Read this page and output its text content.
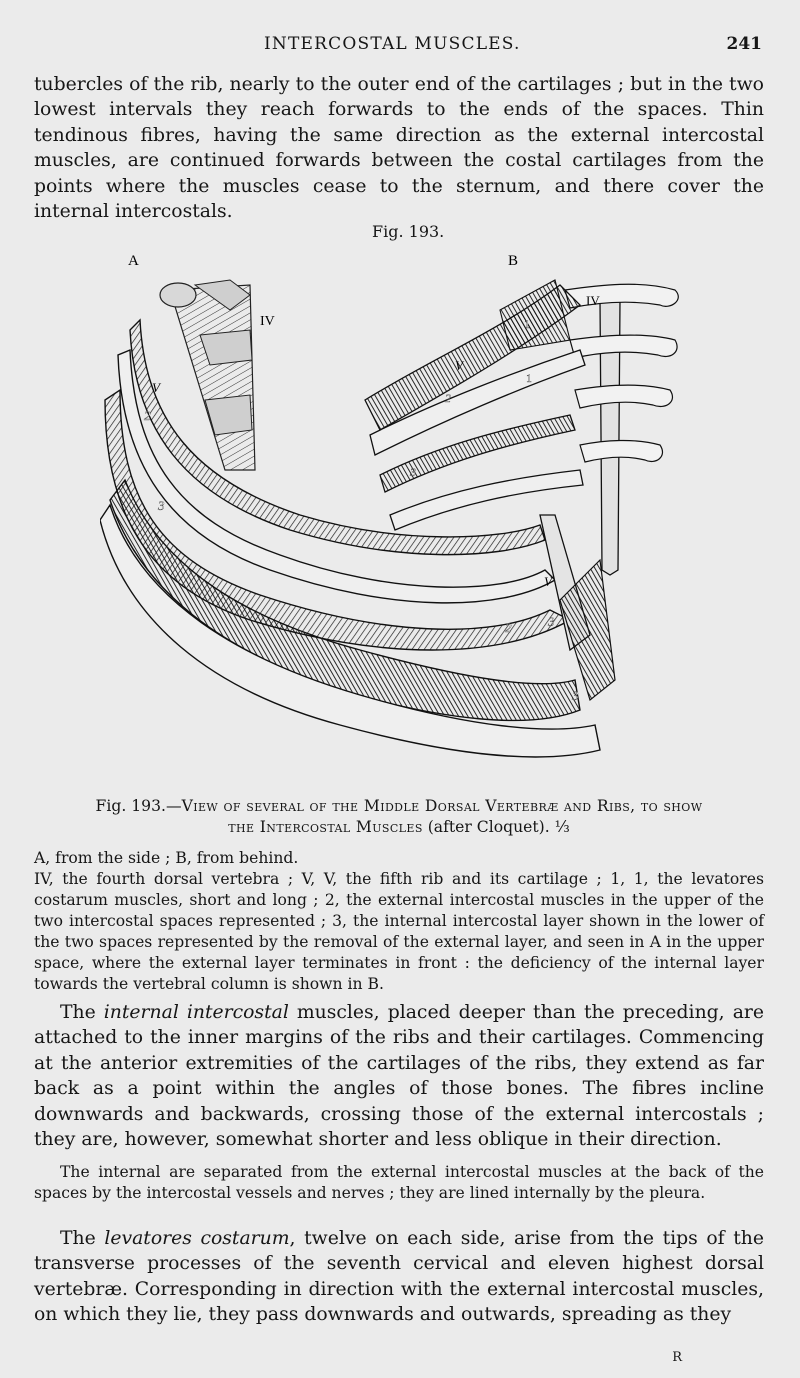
INTERCOSTAL MUSCLES.	241

tubercles of the rib, nearly to the outer end of the cartilages ; but in the two lowest intervals they reach forwards to the ends of the spaces. Thin tendinous fibres, having the same direction as the external intercostal muscles, are continued forwards between the costal cartilages from the points where the muscles cease to the sternum, and there cover the internal intercostals.

Fig. 193.
A	B
IV
V
2
3
V
2	3
3
IV
V
1
1
2
3
Fig. 193.—View of several of the Middle Dorsal Vertebræ and Ribs, to show
the Intercostal Muscles (after Cloquet). ⅓

A, from the side ; B, from behind.

IV, the fourth dorsal vertebra ; V, V, the fifth rib and its cartilage ; 1, 1, the levatores costarum muscles, short and long ; 2, the external intercostal muscles in the upper of the two intercostal spaces represented ; 3, the internal intercostal layer shown in the lower of the two spaces represented by the removal of the external layer, and seen in A in the upper space, where the external layer terminates in front : the deficiency of the internal layer towards the vertebral column is shown in B.

The internal intercostal muscles, placed deeper than the preceding, are attached to the inner margins of the ribs and their cartilages. Commencing at the anterior extremities of the cartilages of the ribs, they extend as far back as a point within the angles of those bones. The fibres incline downwards and backwards, crossing those of the external intercostals ; they are, however, somewhat shorter and less oblique in their direction.

The internal are separated from the external intercostal muscles at the back of the spaces by the intercostal vessels and nerves ; they are lined internally by the pleura.

The levatores costarum, twelve on each side, arise from the tips of the transverse processes of the seventh cervical and eleven highest dorsal vertebræ. Corresponding in direction with the external intercostal muscles, on which they lie, they pass downwards and outwards, spreading as they

R
